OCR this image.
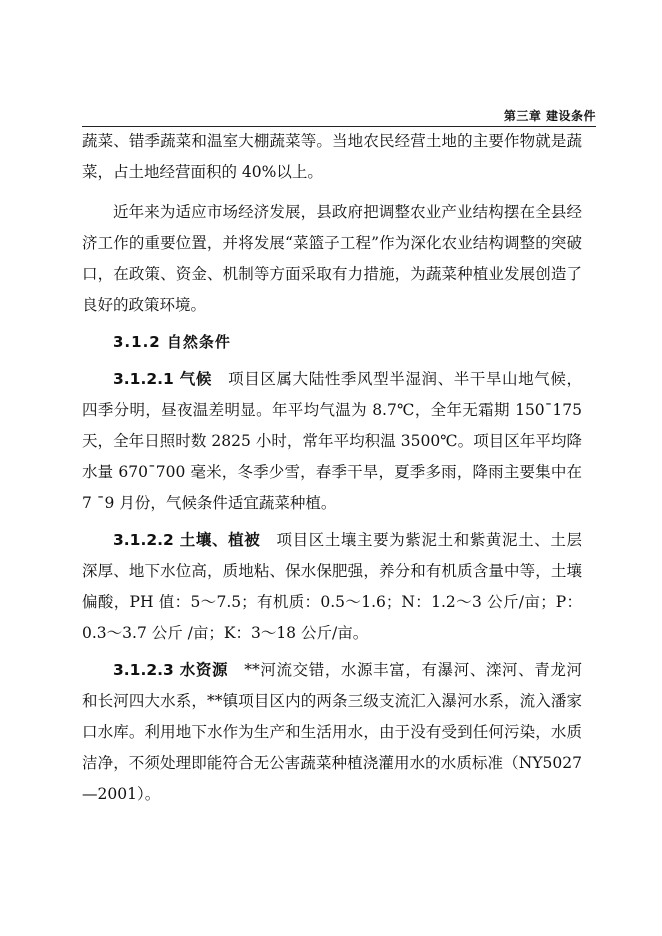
第三章 建设条件

蔬菜、错季蔬菜和温室大棚蔬菜等。当地农民经营土地的主要作物就是蔬菜，占土地经营面积的 40%以上。

近年来为适应市场经济发展，县政府把调整农业产业结构摆在全县经济工作的重要位置，并将发展“菜篮子工程”作为深化农业结构调整的突破口，在政策、资金、机制等方面采取有力措施，为蔬菜种植业发展创造了良好的政策环境。

3.1.2 自然条件

3.1.2.1 气候　项目区属大陆性季风型半湿润、半干旱山地气候，四季分明，昼夜温差明显。年平均气温为 8.7℃，全年无霜期 150¯175 天，全年日照时数 2825 小时，常年平均积温 3500℃。项目区年平均降水量 670¯700 毫米，冬季少雪，春季干旱，夏季多雨，降雨主要集中在 7 ¯9 月份，气候条件适宜蔬菜种植。

3.1.2.2 土壤、植被　项目区土壤主要为紫泥土和紫黄泥土、土层深厚、地下水位高，质地粘、保水保肥强，养分和有机质含量中等，土壤偏酸，PH 值：5～7.5；有机质：0.5～1.6；N：1.2～3 公斤/亩；P：0.3～3.7 公斤 /亩；K：3～18 公斤/亩。

3.1.2.3 水资源　**河流交错，水源丰富，有瀑河、滦河、青龙河和长河四大水系，**镇项目区内的两条三级支流汇入瀑河水系，流入潘家口水库。利用地下水作为生产和生活用水，由于没有受到任何污染，水质洁净，不须处理即能符合无公害蔬菜种植浇灌用水的水质标准（NY5027—2001）。
